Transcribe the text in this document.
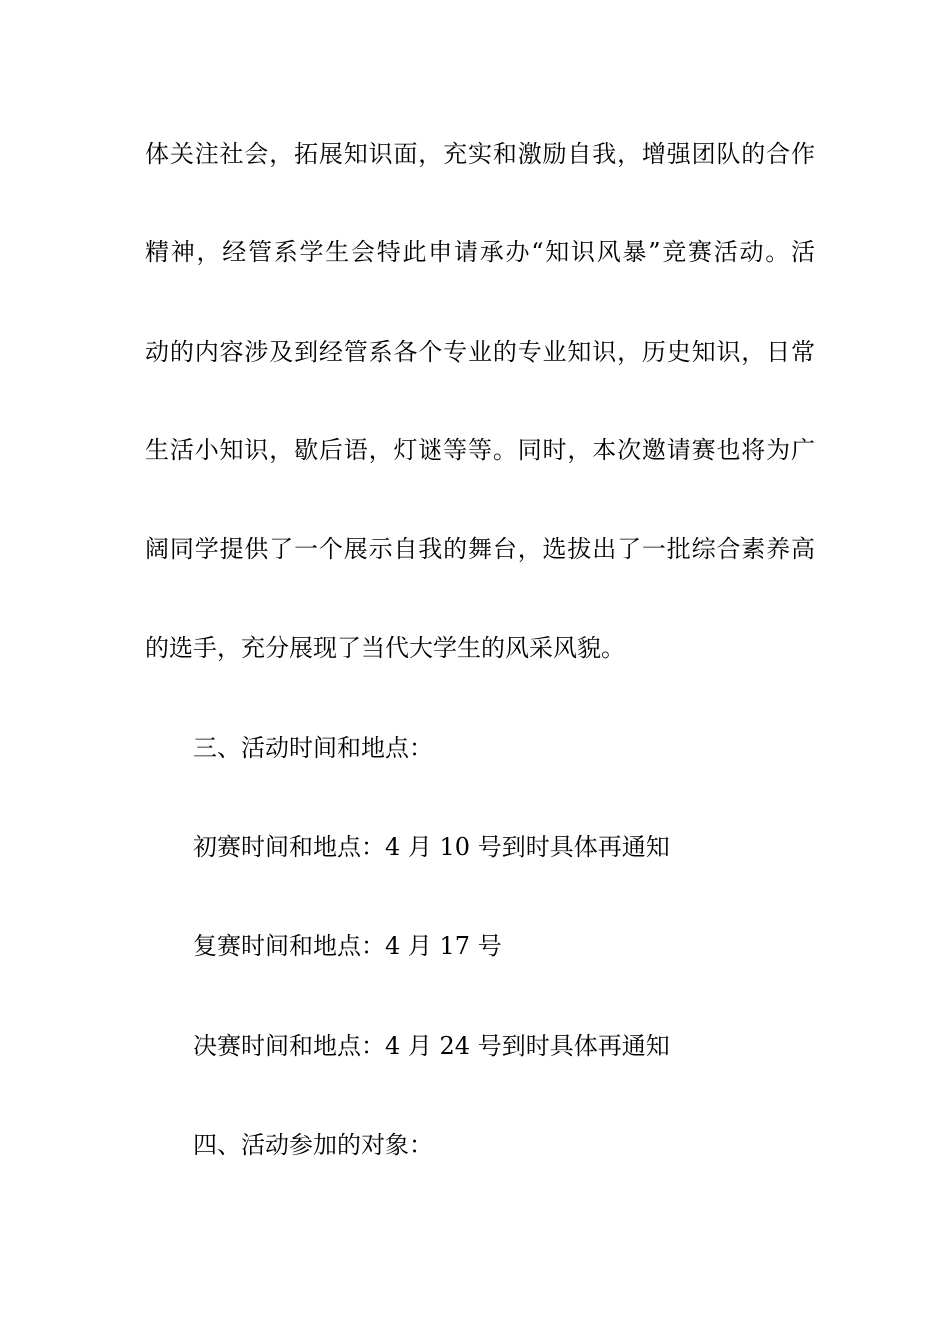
体关注社会，拓展知识面，充实和激励自我，增强团队的合作
精神，经管系学生会特此申请承办“知识风暴”竞赛活动。活
动的内容涉及到经管系各个专业的专业知识，历史知识，日常
生活小知识，歇后语，灯谜等等。同时，本次邀请赛也将为广
阔同学提供了一个展示自我的舞台，选拔出了一批综合素养高
的选手，充分展现了当代大学生的风采风貌。
三、活动时间和地点：
初赛时间和地点：4 月 10 号到时具体再通知
复赛时间和地点：4 月 17 号
决赛时间和地点：4 月 24 号到时具体再通知
四、活动参加的对象：
